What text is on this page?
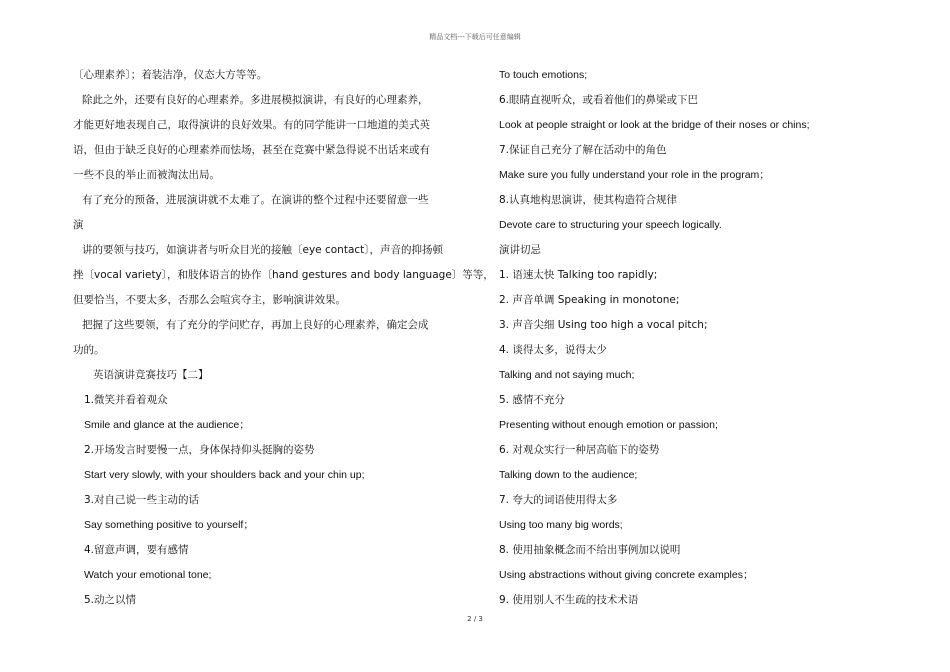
精品文档---下载后可任意编辑
〔心理素养〕；着装洁净，仪态大方等等。
除此之外，还要有良好的心理素养。多进展模拟演讲，有良好的心理素养，
才能更好地表现自己，取得演讲的良好效果。有的同学能讲一口地道的美式英
语，但由于缺乏良好的心理素养而怯场，甚至在竞赛中紧急得说不出话来或有
一些不良的举止而被淘汰出局。
有了充分的预备，进展演讲就不太难了。在演讲的整个过程中还要留意一些
演
讲的要领与技巧，如演讲者与听众目光的接触〔eye contact〕，声音的抑扬顿
挫〔vocal variety〕，和肢体语言的协作〔hand gestures and body language〕等等，
但要恰当，不要太多，否那么会喧宾夺主，影响演讲效果。
把握了这些要领，有了充分的学问贮存，再加上良好的心理素养，确定会成
功的。
英语演讲竞赛技巧【二】
1.微笑并看着观众
Smile and glance at the audience；
2.开场发言时要慢一点，身体保持仰头挺胸的姿势
Start very slowly, with your shoulders back and your chin up;
3.对自己说一些主动的话
Say something positive to yourself；
4.留意声调，要有感情
Watch your emotional tone;
5.动之以情
To touch emotions;
6.眼睛直视听众，或看着他们的鼻梁或下巴
Look at people straight or look at the bridge of their noses or chins;
7.保证自己充分了解在活动中的角色
Make sure you fully understand your role in the program；
8.认真地构思演讲，使其构造符合规律
Devote care to structuring your speech logically.
演讲切忌
1. 语速太快 Talking too rapidly;
2. 声音单调 Speaking in monotone;
3. 声音尖细 Using too high a vocal pitch;
4. 谈得太多，说得太少
Talking and not saying much;
5. 感情不充分
Presenting without enough emotion or passion;
6. 对观众实行一种居高临下的姿势
Talking down to the audience;
7. 夸大的词语使用得太多
Using too many big words;
8. 使用抽象概念而不给出事例加以说明
Using abstractions without giving concrete examples；
9. 使用别人不生疏的技术术语
2 / 3
